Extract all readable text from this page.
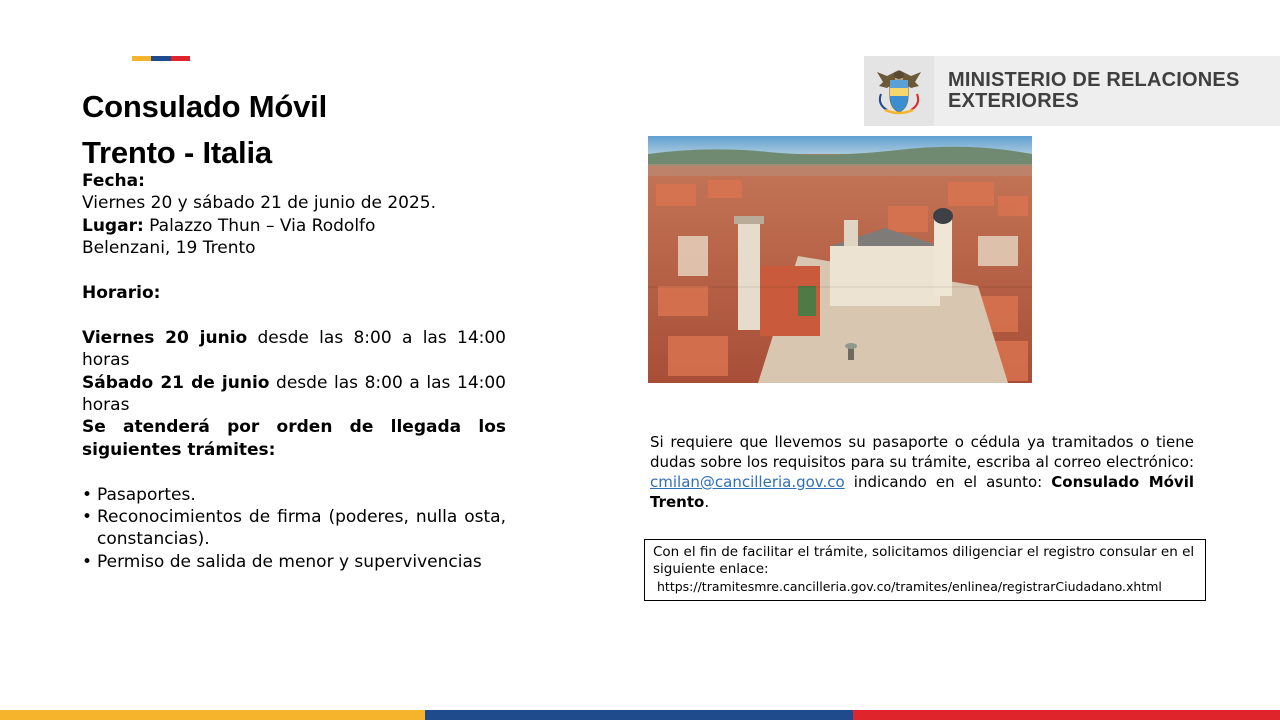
Consulado Móvil
Trento - Italia

Fecha:

Viernes 20 y sábado 21 de junio de 2025.

Lugar: Palazzo Thun – Via Rodolfo

Belenzani, 19 Trento

Horario:

Viernes 20 junio desde las 8:00 a las 14:00 horas

Sábado 21 de junio desde las 8:00 a las 14:00 horas

Se atenderá por orden de llegada los siguientes trámites:

• Pasaportes.
• Reconocimientos de firma (poderes, nulla osta, constancias).
• Permiso de salida de menor y supervivencias
MINISTERIO DE RELACIONES
EXTERIORES

Si requiere que llevemos su pasaporte o cédula ya tramitados o tiene dudas sobre los requisitos para su trámite, escriba al correo electrónico: cmilan@cancilleria.gov.co indicando en el asunto: Consulado Móvil Trento.

Con el fin de facilitar el trámite, solicitamos diligenciar el registro consular en el siguiente enlace:

https://tramitesmre.cancilleria.gov.co/tramites/enlinea/registrarCiudadano.xhtml
